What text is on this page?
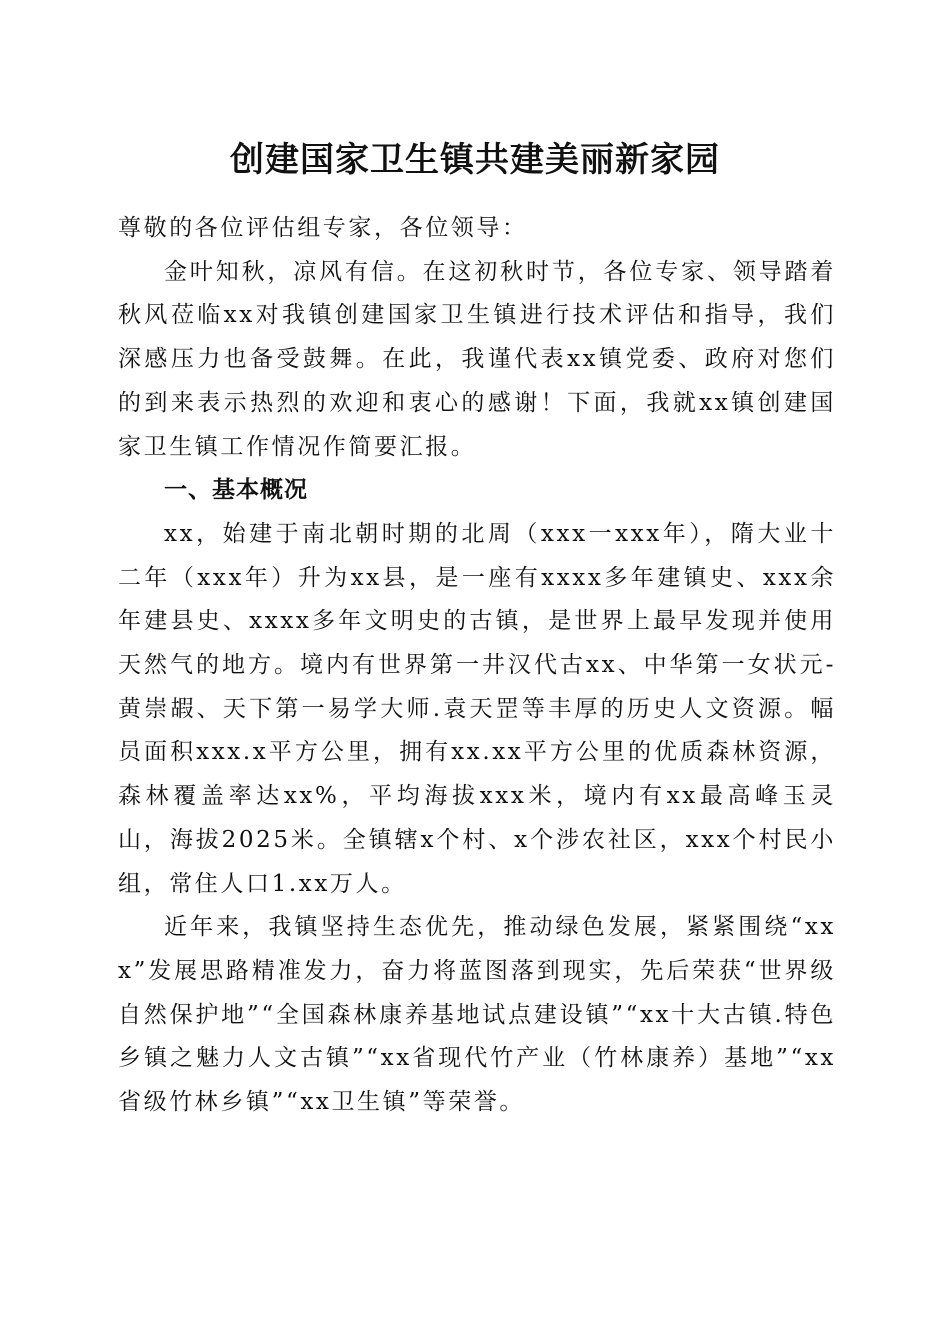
创建国家卫生镇共建美丽新家园

尊敬的各位评估组专家，各位领导：

金叶知秋，凉风有信。在这初秋时节，各位专家、领导踏着秋风莅临xx对我镇创建国家卫生镇进行技术评估和指导，我们深感压力也备受鼓舞。在此，我谨代表xx镇党委、政府对您们的到来表示热烈的欢迎和衷心的感谢！下面，我就xx镇创建国家卫生镇工作情况作简要汇报。

一、基本概况

xx，始建于南北朝时期的北周（xxx一xxx年），隋大业十二年（xxx年）升为xx县，是一座有xxxx多年建镇史、xxx余年建县史、xxxx多年文明史的古镇，是世界上最早发现并使用天然气的地方。境内有世界第一井汉代古xx、中华第一女状元-黄崇嘏、天下第一易学大师.袁天罡等丰厚的历史人文资源。幅员面积xxx.x平方公里，拥有xx.xx平方公里的优质森林资源，森林覆盖率达xx%，平均海拔xxx米，境内有xx最高峰玉灵山，海拔2025米。全镇辖x个村、x个涉农社区，xxx个村民小组，常住人口1.xx万人。

近年来，我镇坚持生态优先，推动绿色发展，紧紧围绕“xxx”发展思路精准发力，奋力将蓝图落到现实，先后荣获“世界级自然保护地”“全国森林康养基地试点建设镇”“xx十大古镇.特色乡镇之魅力人文古镇”“xx省现代竹产业（竹林康养）基地”“xx省级竹林乡镇”“xx卫生镇”等荣誉。
